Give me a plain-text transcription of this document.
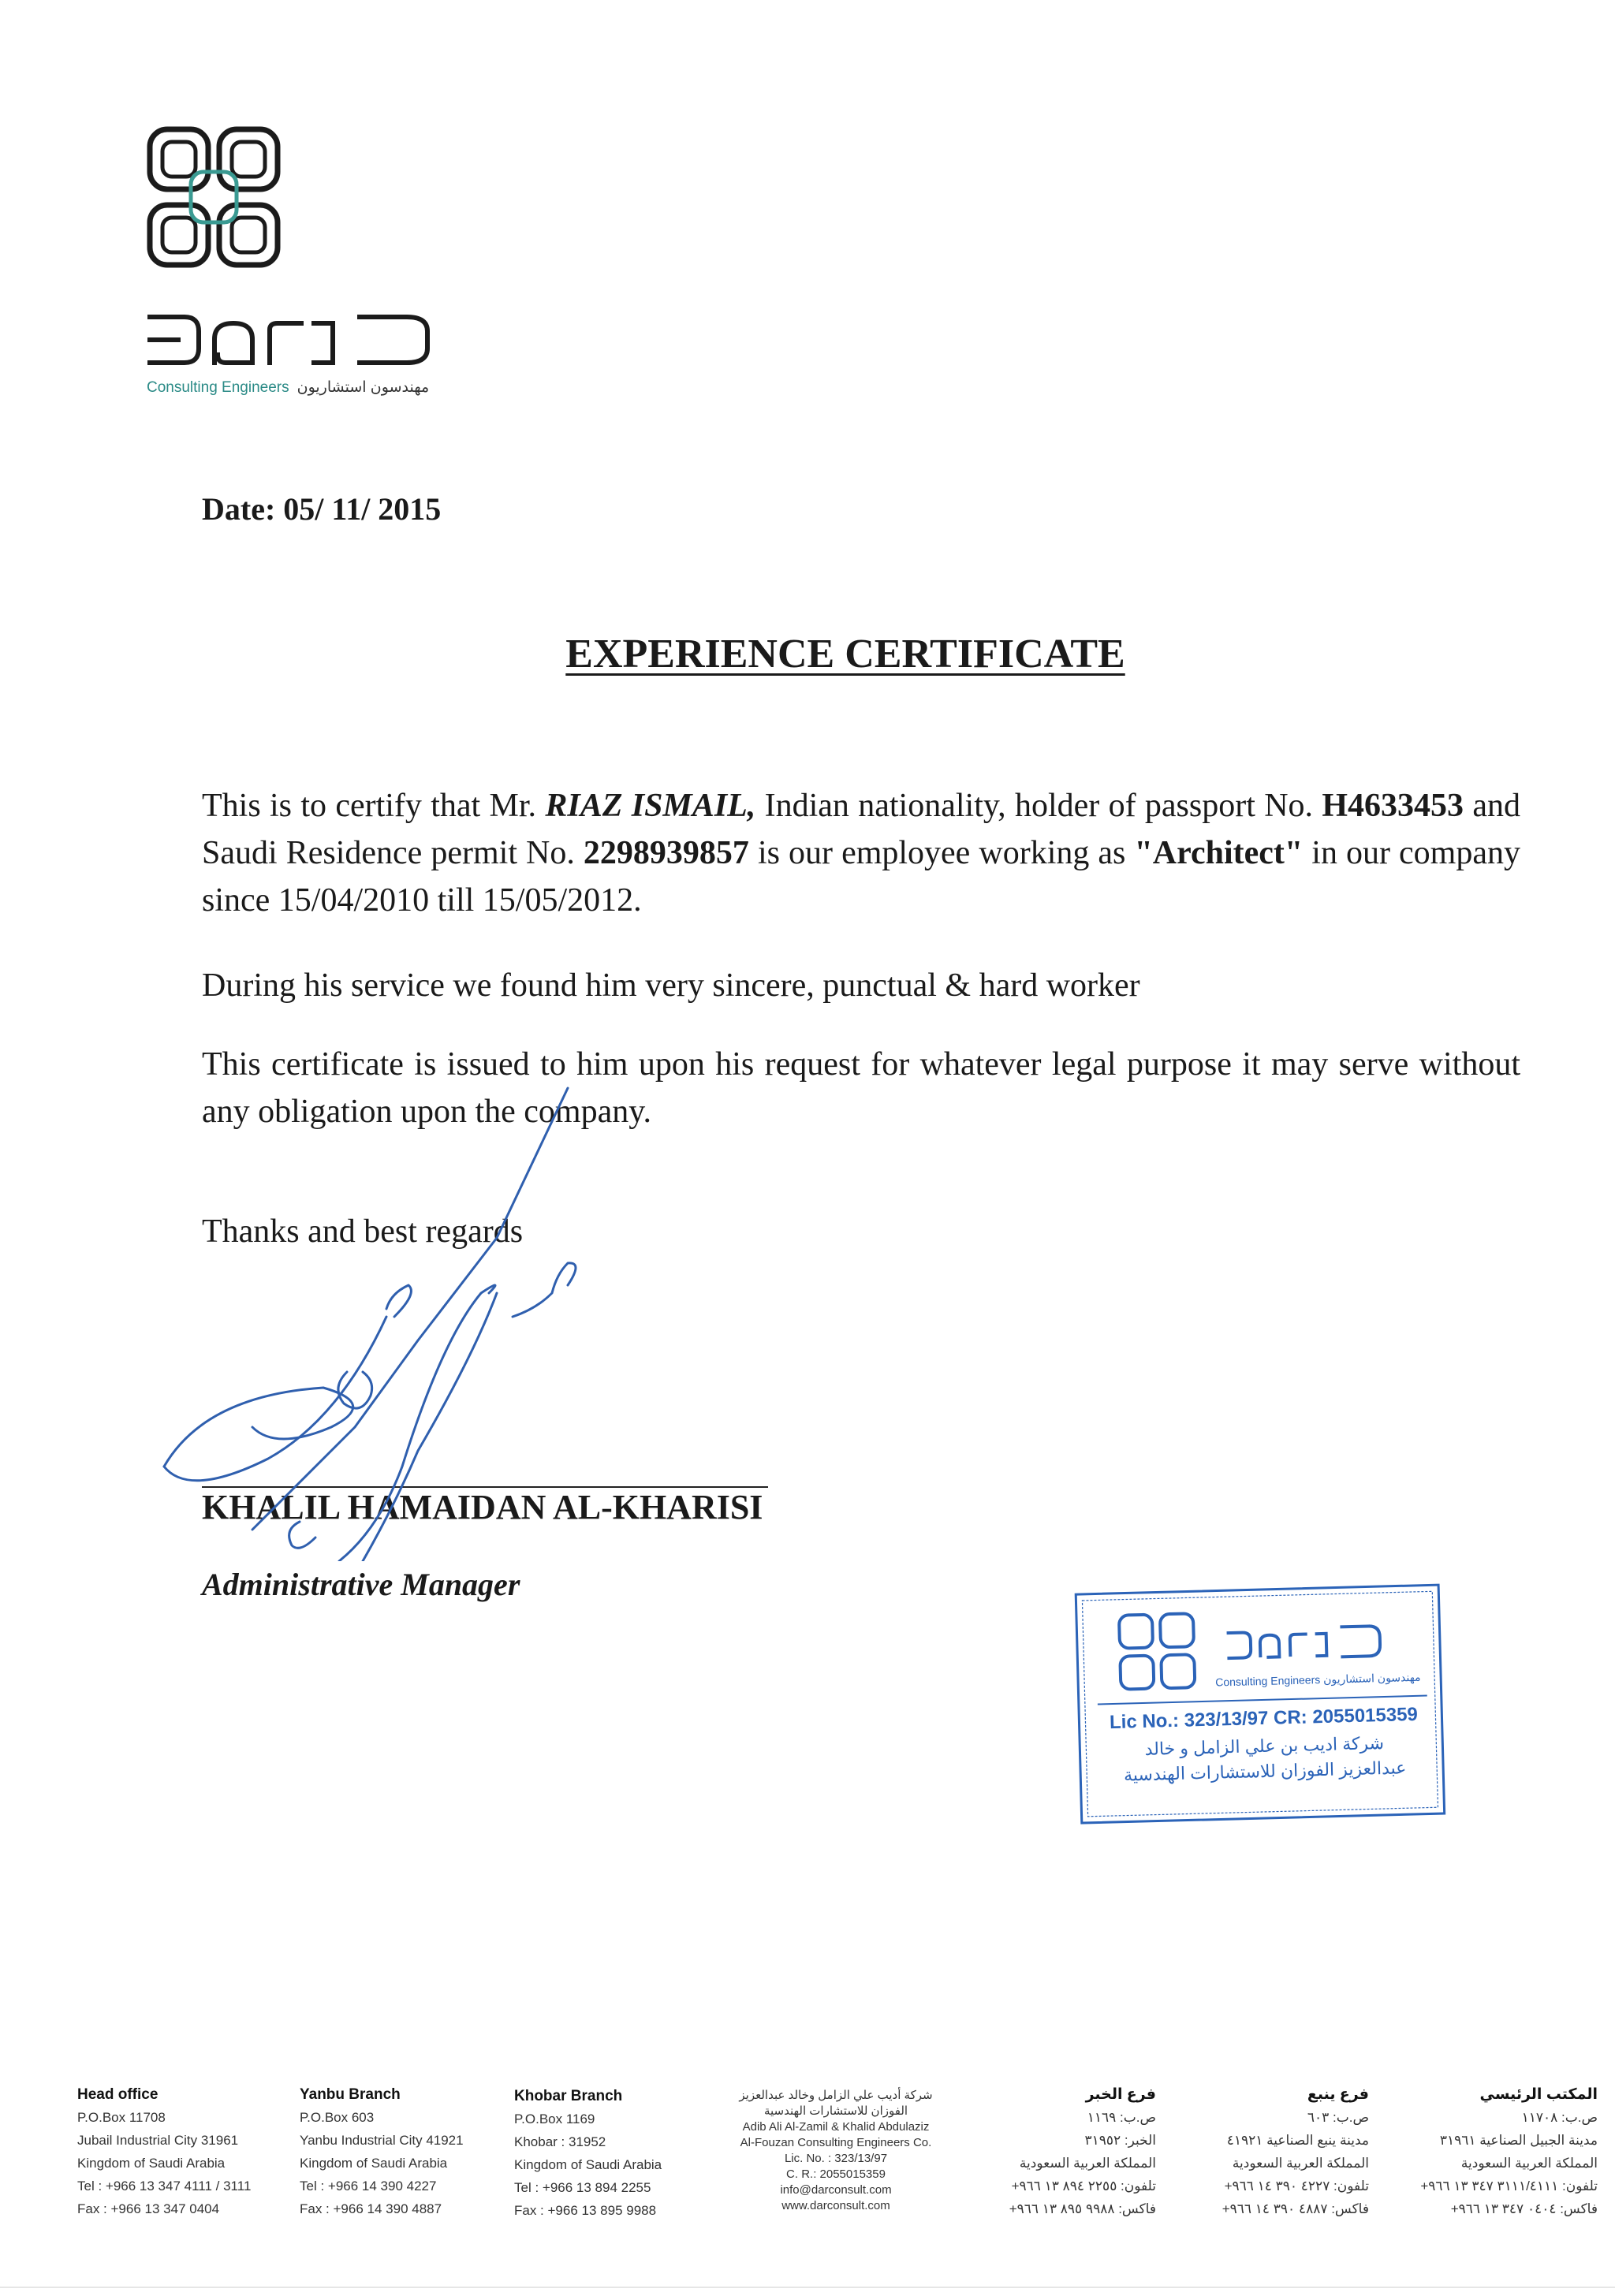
Consulting Engineers مهندسون استشاريون
Date: 05/ 11/ 2015
EXPERIENCE CERTIFICATE
This is to certify that Mr. RIAZ ISMAIL, Indian nationality, holder of passport No. H4633453 and Saudi Residence permit No. 2298939857 is our employee working as "Architect" in our company since 15/04/2010 till 15/05/2012.
During his service we found him very sincere, punctual & hard worker
This certificate is issued to him upon his request for whatever legal purpose it may serve without any obligation upon the company.
Thanks and best regards
KHALIL HAMAIDAN AL-KHARISI
Administrative Manager
Consulting Engineers مهندسون استشاريون
Lic No.: 323/13/97 CR: 2055015359
شركة اديب بن علي الزامل و خالد
عبدالعزيز الفوزان للاستشارات الهندسية
Head office
P.O.Box 11708
Jubail Industrial City 31961
Kingdom of Saudi Arabia
Tel : +966 13 347 4111 / 3111
Fax : +966 13 347 0404
Yanbu Branch
P.O.Box 603
Yanbu Industrial City 41921
Kingdom of Saudi Arabia
Tel : +966 14 390 4227
Fax : +966 14 390 4887
Khobar Branch
P.O.Box 1169
Khobar : 31952
Kingdom of Saudi Arabia
Tel : +966 13 894 2255
Fax : +966 13 895 9988
شركة أديب علي الزامل وخالد عبدالعزيز
الفوزان للاستشارات الهندسية
Adib Ali Al-Zamil & Khalid Abdulaziz
Al-Fouzan Consulting Engineers Co.
Lic. No. : 323/13/97
C. R.: 2055015359
info@darconsult.com
www.darconsult.com
فرع الخبر
ص.ب: ١١٦٩
الخبر: ٣١٩٥٢
المملكة العربية السعودية
تلفون: ٢٢٥٥ ٨٩٤ ١٣ ٩٦٦+
فاكس: ٩٩٨٨ ٨٩٥ ١٣ ٩٦٦+
فرع ينبع
ص.ب: ٦٠٣
مدينة ينبع الصناعية ٤١٩٢١
المملكة العربية السعودية
تلفون: ٤٢٢٧ ٣٩٠ ١٤ ٩٦٦+
فاكس: ٤٨٨٧ ٣٩٠ ١٤ ٩٦٦+
المكتب الرئيسي
ص.ب: ١١٧٠٨
مدينة الجبيل الصناعية ٣١٩٦١
المملكة العربية السعودية
تلفون: ٣١١١/٤١١١ ٣٤٧ ١٣ ٩٦٦+
فاكس: ٠٤٠٤ ٣٤٧ ١٣ ٩٦٦+
